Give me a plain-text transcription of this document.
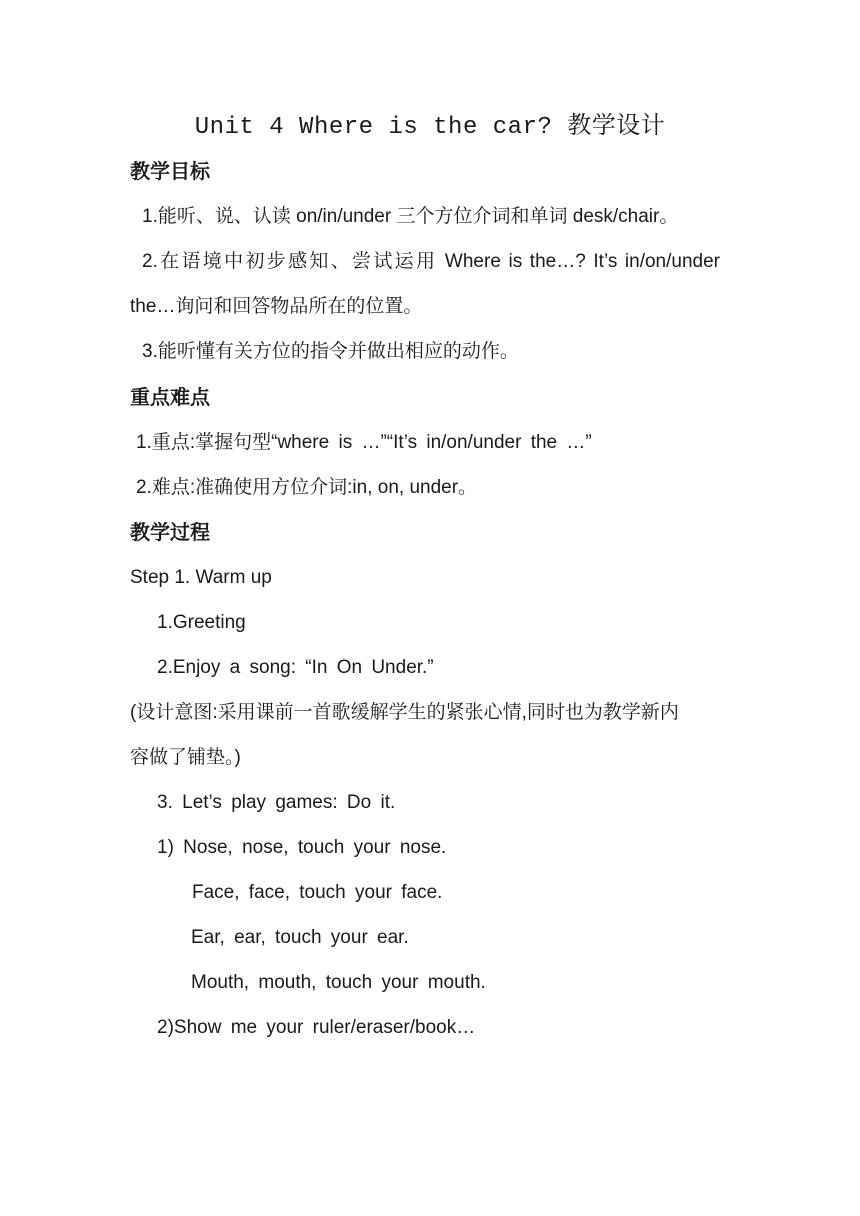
Unit 4 Where is the car? 教学设计
教学目标
1.能听、说、认读 on/in/under 三个方位介词和单词 desk/chair。
2.在语境中初步感知、尝试运用 Where is the…? It’s in/on/under
the…询问和回答物品所在的位置。
3.能听懂有关方位的指令并做出相应的动作。
重点难点
1.重点:掌握句型“where is …”“It’s in/on/under the …”
2.难点:准确使用方位介词:in, on, under。
教学过程
Step 1. Warm up
1.Greeting
2.Enjoy a song: “In On Under.”
(设计意图:采用课前一首歌缓解学生的紧张心情,同时也为教学新内
容做了铺垫。)
3. Let’s play games: Do it.
1) Nose, nose, touch your nose.
Face, face, touch your face.
Ear, ear, touch your ear.
Mouth, mouth, touch your mouth.
2)Show me your ruler/eraser/book…
